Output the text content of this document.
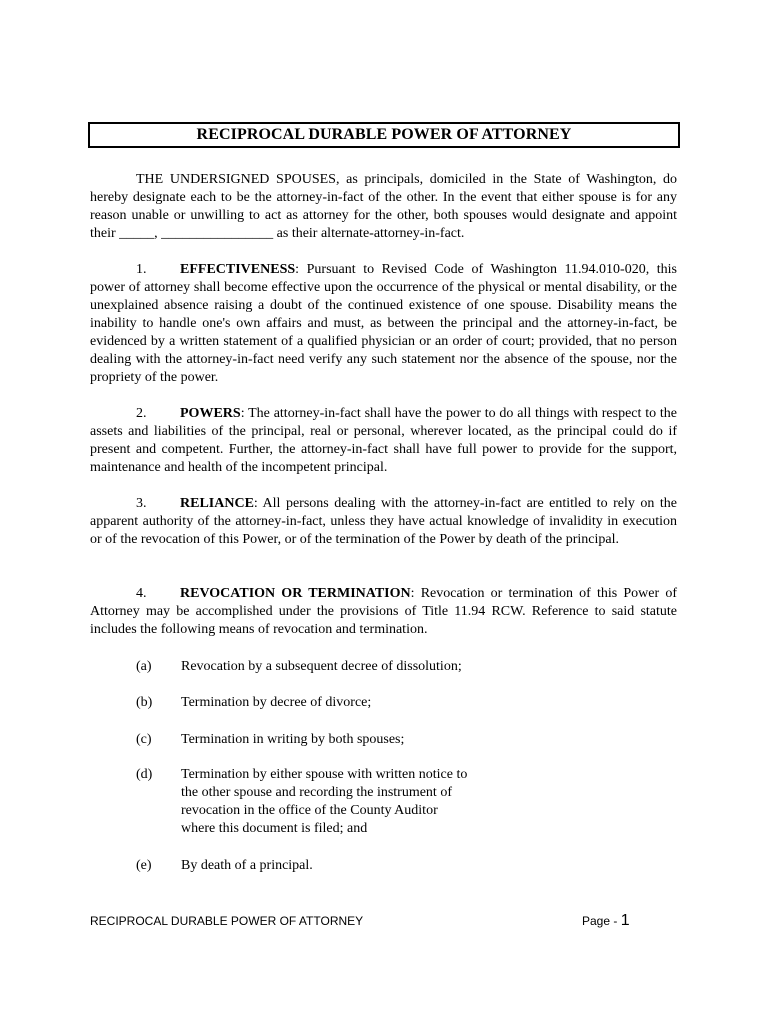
RECIPROCAL DURABLE POWER OF ATTORNEY
THE UNDERSIGNED SPOUSES, as principals, domiciled in the State of Washington, do hereby designate each to be the attorney-in-fact of the other. In the event that either spouse is for any reason unable or unwilling to act as attorney for the other, both spouses would designate and appoint their _____, ________________ as their alternate-attorney-in-fact.
1. EFFECTIVENESS: Pursuant to Revised Code of Washington 11.94.010-020, this power of attorney shall become effective upon the occurrence of the physical or mental disability, or the unexplained absence raising a doubt of the continued existence of one spouse. Disability means the inability to handle one's own affairs and must, as between the principal and the attorney-in-fact, be evidenced by a written statement of a qualified physician or an order of court; provided, that no person dealing with the attorney-in-fact need verify any such statement nor the absence of the spouse, nor the propriety of the power.
2. POWERS: The attorney-in-fact shall have the power to do all things with respect to the assets and liabilities of the principal, real or personal, wherever located, as the principal could do if present and competent. Further, the attorney-in-fact shall have full power to provide for the support, maintenance and health of the incompetent principal.
3. RELIANCE: All persons dealing with the attorney-in-fact are entitled to rely on the apparent authority of the attorney-in-fact, unless they have actual knowledge of invalidity in execution or of the revocation of this Power, or of the termination of the Power by death of the principal.
4. REVOCATION OR TERMINATION: Revocation or termination of this Power of Attorney may be accomplished under the provisions of Title 11.94 RCW. Reference to said statute includes the following means of revocation and termination.
(a) Revocation by a subsequent decree of dissolution;
(b) Termination by decree of divorce;
(c) Termination in writing by both spouses;
(d) Termination by either spouse with written notice to the other spouse and recording the instrument of revocation in the office of the County Auditor where this document is filed; and
(e) By death of a principal.
RECIPROCAL DURABLE POWER OF ATTORNEY	Page - 1
